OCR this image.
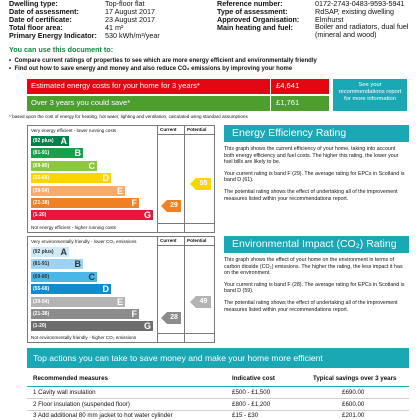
Dwelling type:	Top-floor flat
Date of assessment:	17 August 2017
Date of certificate:	23 August 2017
Total floor area:	41 m²
Primary Energy Indicator: 530 kWh/m²/year
Reference number:	0172-2743-0483-9593-5941
Type of assessment:	RdSAP, existing dwelling
Approved Organisation: Elmhurst
Main heating and fuel:	Boiler and radiators, dual fuel (mineral and wood)
You can use this document to:
•  Compare current ratings of properties to see which are more energy efficient and environmentally friendly
•  Find out how to save energy and money and also reduce CO₂ emissions by improving your home
Estimated energy costs for your home for 3 years*	£4,641
Over 3 years you could save*	£1,761
See your recommendations report for more information
* based upon the cost of energy for heating, hot water, lighting and ventilation, calculated using standard assumptions
Very energy efficient - lower running costs	Current Potential
(92 plus) A
(81-91)	B
(69-80)	C
(55-68)	D
(39-54)	E
(21-38)	F
(1-20)	G
29
55
Not energy efficient - higher running costs
Energy Efficiency Rating

This graph shows the current efficiency of your home, taking into account both energy efficiency and fuel costs. The higher this rating, the lower your fuel bills are likely to be.

Your current rating is band F (29). The average rating for EPCs in Scotland is band D (61).

The potential rating shows the effect of undertaking all of the improvement measures listed within your recommendations report.

Very environmentally friendly - lower CO₂ emissions	Current Potential
(92 plus) A
(81-91)	B
(69-80)	C
(55-68)	D
(39-54)	E
(21-38)	F
(1-20)	G
28
49
Not environmentally friendly - higher CO₂ emissions
Environmental Impact (CO₂) Rating

This graph shows the effect of your home on the environment in terms of carbon dioxide (CO₂) emissions. The higher the rating, the less impact it has on the environment.

Your current rating is band F (28). The average rating for EPCs in Scotland is band D (59).

The potential rating shows the effect of undertaking all of the improvement measures listed within your recommendations report.

Top actions you can take to save money and make your home more efficient
Recommended measures	Indicative cost	Typical savings over 3 years
1 Cavity wall insulation	£500 - £1,500	£690.00
2 Floor insulation (suspended floor)	£800 - £1,200	£600.00
3 Add additional 80 mm jacket to hot water cylinder	£15 - £30	£201.00
